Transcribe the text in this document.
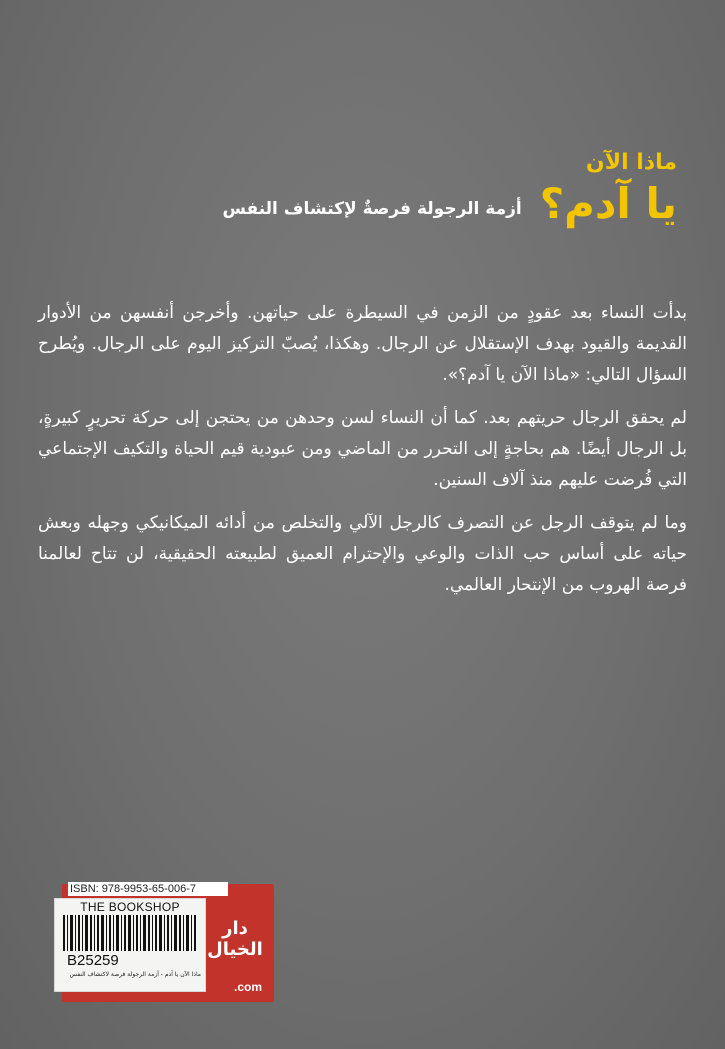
ماذا الآن
يا آدم؟
أزمة الرجولة فرصةٌ لإكتشاف النفس

بدأت النساء بعد عقودٍ من الزمن في السيطرة على حياتهن. وأخرجن أنفسهن من الأدوار القديمة والقيود بهدف الإستقلال عن الرجال. وهكذا، يُصبّ التركيز اليوم على الرجال. ويُطرح السؤال التالي: «ماذا الآن يا آدم؟».

لم يحقق الرجال حريتهم بعد. كما أن النساء لسن وحدهن من يحتجن إلى حركة تحريرٍ كبيرةٍ، بل الرجال أيضًا. هم بحاجةٍ إلى التحرر من الماضي ومن عبودية قيم الحياة والتكيف الإجتماعي التي فُرضت عليهم منذ آلاف السنين.

وما لم يتوقف الرجل عن التصرف كالرجل الآلي والتخلص من أدائه الميكانيكي وجهله وبعش حياته على أساس حب الذات والوعي والإحترام العميق لطبيعته الحقيقية، لن تتاح لعالمنا فرصة الهروب من الإنتحار العالمي.

دار الخيال
.com
ISBN: 978-9953-65-006-7
THE BOOKSHOP
B25259
ماذا الآن يا آدم - أزمة الرجولة فرصة لاكتشاف النفس
